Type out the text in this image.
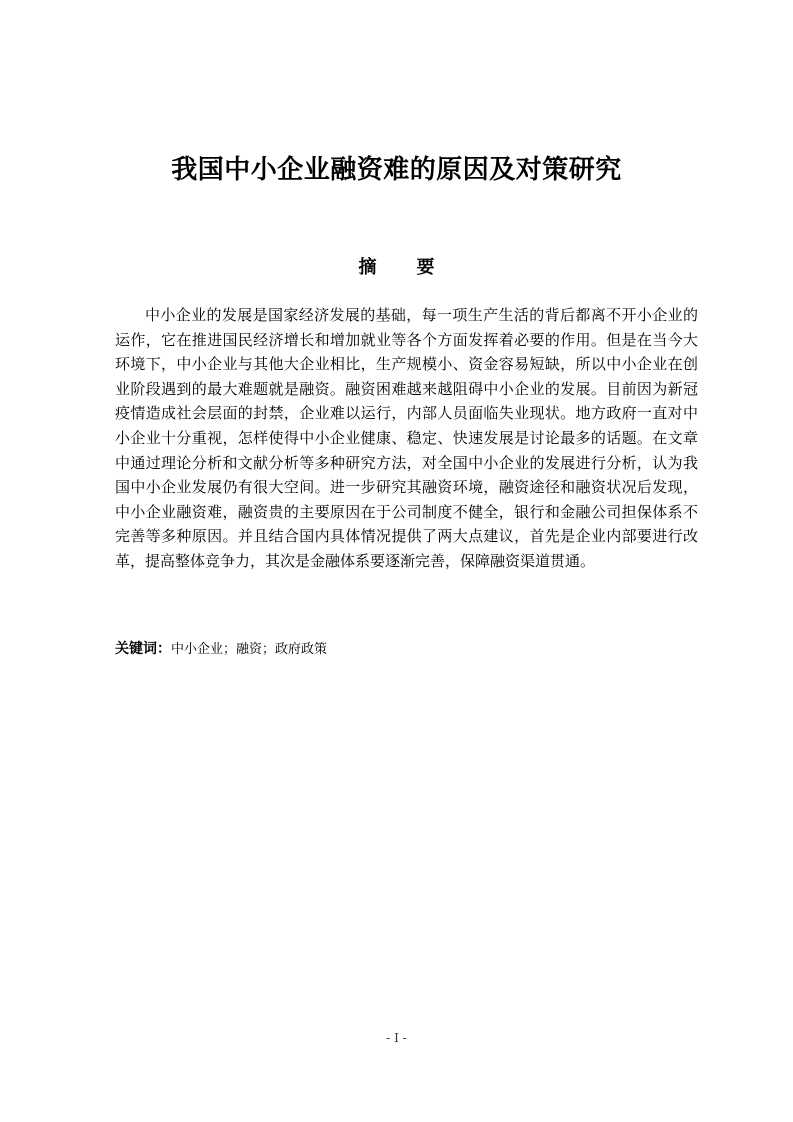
我国中小企业融资难的原因及对策研究
摘要

中小企业的发展是国家经济发展的基础，每一项生产生活的背后都离不开小企业的运作，它在推进国民经济增长和增加就业等各个方面发挥着必要的作用。但是在当今大环境下，中小企业与其他大企业相比，生产规模小、资金容易短缺，所以中小企业在创业阶段遇到的最大难题就是融资。融资困难越来越阻碍中小企业的发展。目前因为新冠疫情造成社会层面的封禁，企业难以运行，内部人员面临失业现状。地方政府一直对中小企业十分重视，怎样使得中小企业健康、稳定、快速发展是讨论最多的话题。在文章中通过理论分析和文献分析等多种研究方法，对全国中小企业的发展进行分析，认为我国中小企业发展仍有很大空间。进一步研究其融资环境，融资途径和融资状况后发现，中小企业融资难，融资贵的主要原因在于公司制度不健全，银行和金融公司担保体系不完善等多种原因。并且结合国内具体情况提供了两大点建议，首先是企业内部要进行改革，提高整体竞争力，其次是金融体系要逐渐完善，保障融资渠道贯通。

关键词：中小企业；融资；政府政策
- I -
